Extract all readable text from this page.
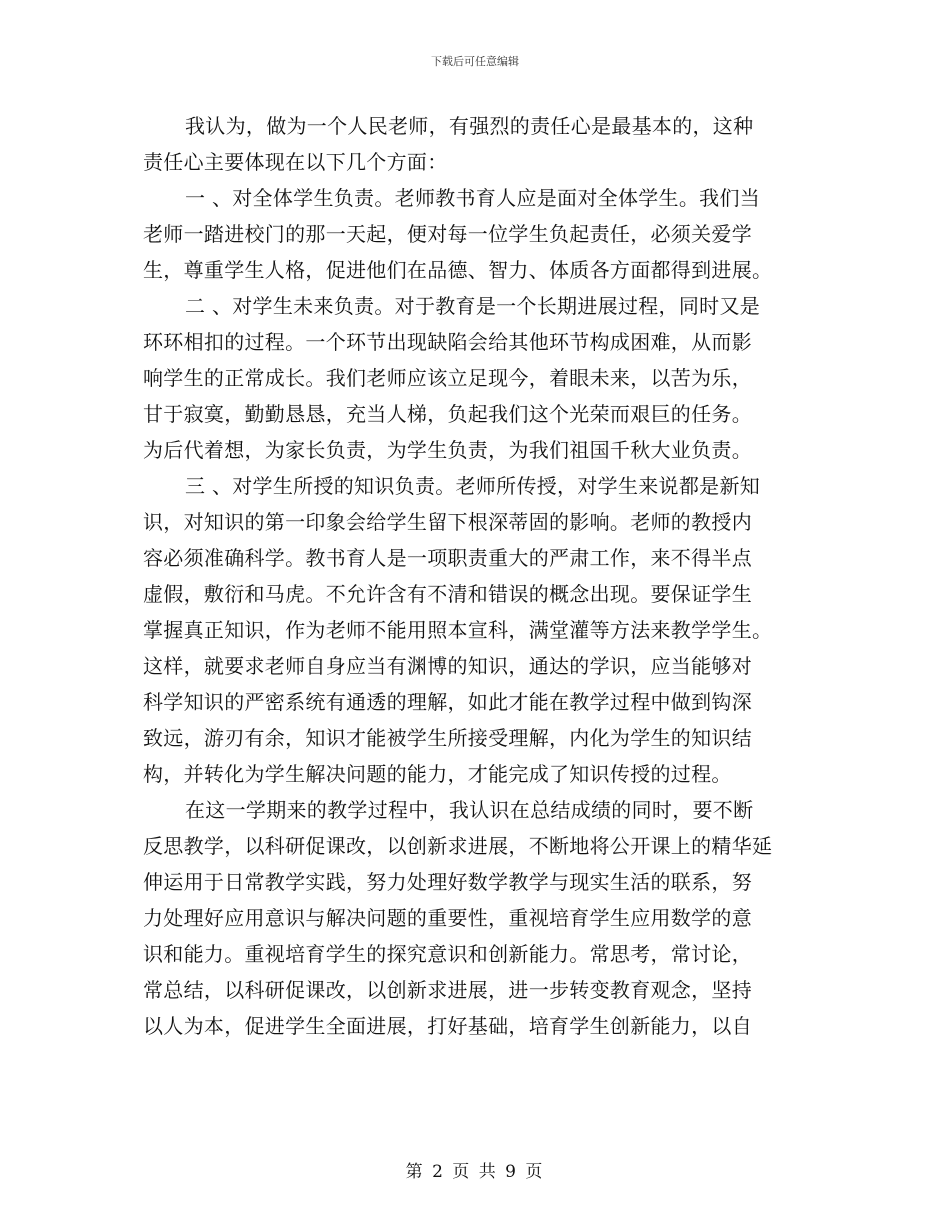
下载后可任意编辑
我认为，做为一个人民老师，有强烈的责任心是最基本的，这种
责任心主要体现在以下几个方面：
一 、对全体学生负责。老师教书育人应是面对全体学生。我们当
老师一踏进校门的那一天起，便对每一位学生负起责任，必须关爱学
生，尊重学生人格，促进他们在品德、智力、体质各方面都得到进展。
二 、对学生未来负责。对于教育是一个长期进展过程，同时又是
环环相扣的过程。一个环节出现缺陷会给其他环节构成困难，从而影
响学生的正常成长。我们老师应该立足现今，着眼未来，以苦为乐，
甘于寂寞，勤勤恳恳，充当人梯，负起我们这个光荣而艰巨的任务。
为后代着想，为家长负责，为学生负责，为我们祖国千秋大业负责。
三 、对学生所授的知识负责。老师所传授，对学生来说都是新知
识，对知识的第一印象会给学生留下根深蒂固的影响。老师的教授内
容必须准确科学。教书育人是一项职责重大的严肃工作，来不得半点
虚假，敷衍和马虎。不允许含有不清和错误的概念出现。要保证学生
掌握真正知识，作为老师不能用照本宣科，满堂灌等方法来教学学生。
这样，就要求老师自身应当有渊博的知识，通达的学识，应当能够对
科学知识的严密系统有通透的理解，如此才能在教学过程中做到钩深
致远，游刃有余，知识才能被学生所接受理解，内化为学生的知识结
构，并转化为学生解决问题的能力，才能完成了知识传授的过程。
在这一学期来的教学过程中，我认识在总结成绩的同时，要不断
反思教学，以科研促课改，以创新求进展，不断地将公开课上的精华延
伸运用于日常教学实践，努力处理好数学教学与现实生活的联系，努
力处理好应用意识与解决问题的重要性，重视培育学生应用数学的意
识和能力。重视培育学生的探究意识和创新能力。常思考，常讨论，
常总结，以科研促课改，以创新求进展，进一步转变教育观念，坚持
以人为本，促进学生全面进展，打好基础，培育学生创新能力，以自
第 2 页 共 9 页
